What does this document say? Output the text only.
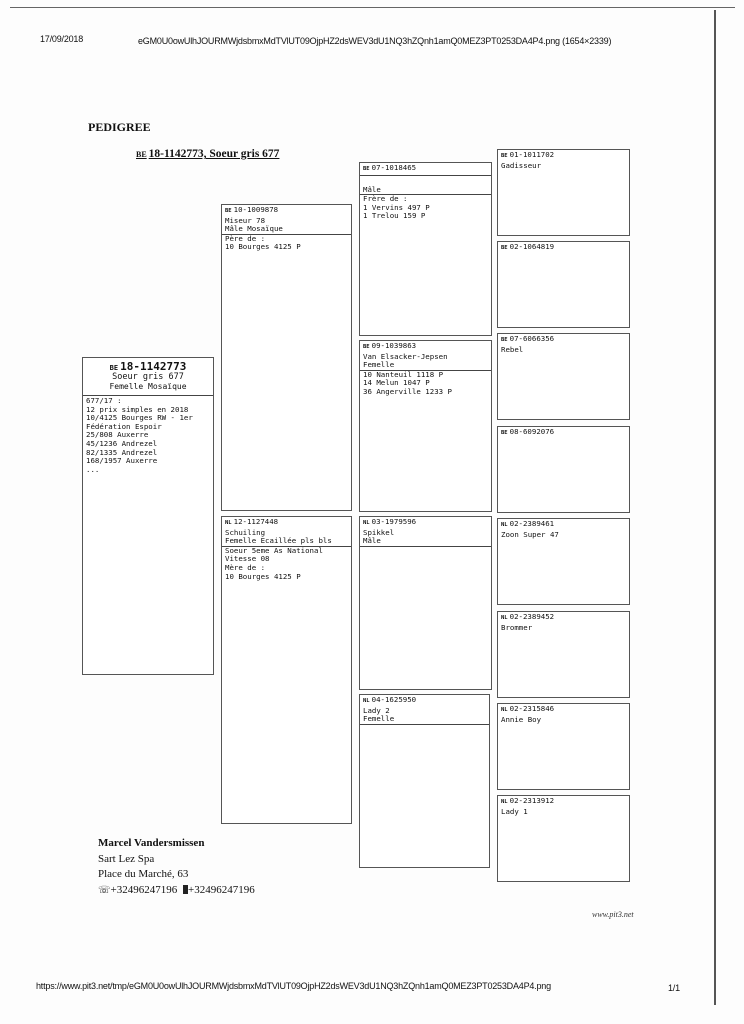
17/09/2018	eGM0U0owUlhJOURMWjdsbmxMdTVlUT09OjpHZ2dsWEV3dU1NQ3hZQnh1amQ0MEZ3PT0253DA4P4.png (1654×2339)
PEDIGREE
BE 18-1142773, Soeur gris 677
BE 18-1142773
Soeur gris 677
Femelle Mosaïque
677/17 :
12 prix simples en 2018
10/4125 Bourges RW - 1er
Fédération Espoir
25/808 Auxerre
45/1236 Andrezel
82/1335 Andrezel
168/1957 Auxerre
...
BE 10-1009878
Miseur 78
Mâle Mosaïque
Père de :
10 Bourges 4125 P
NL 12-1127448
Schuiling
Femelle Ecaillée pls bls
Soeur 5eme As National
Vitesse 08
Mère de :
10 Bourges 4125 P
BE 07-1018465
Mâle
Frère de :
1 Vervins 497 P
1 Trelou 159 P
BE 09-1039863
Van Elsacker-Jepsen
Femelle
10 Nanteuil 1118 P
14 Melun 1047 P
36 Angerville 1233 P
NL 03-1979596
Spikkel
Mâle
NL 04-1625950
Lady 2
Femelle
BE 01-1011702
Gadisseur
BE 02-1064819
BE 07-6066356
Rebel
BE 08-6092076
NL 02-2389461
Zoon Super 47
NL 02-2389452
Brommer
NL 02-2315846
Annie Boy
NL 02-2313912
Lady 1
Marcel Vandersmissen
Sart Lez Spa
Place du Marché, 63
☏+32496247196 +32496247196
www.pit3.net
https://www.pit3.net/tmp/eGM0U0owUlhJOURMWjdsbmxMdTVlUT09OjpHZ2dsWEV3dU1NQ3hZQnh1amQ0MEZ3PT0253DA4P4.png	1/1
